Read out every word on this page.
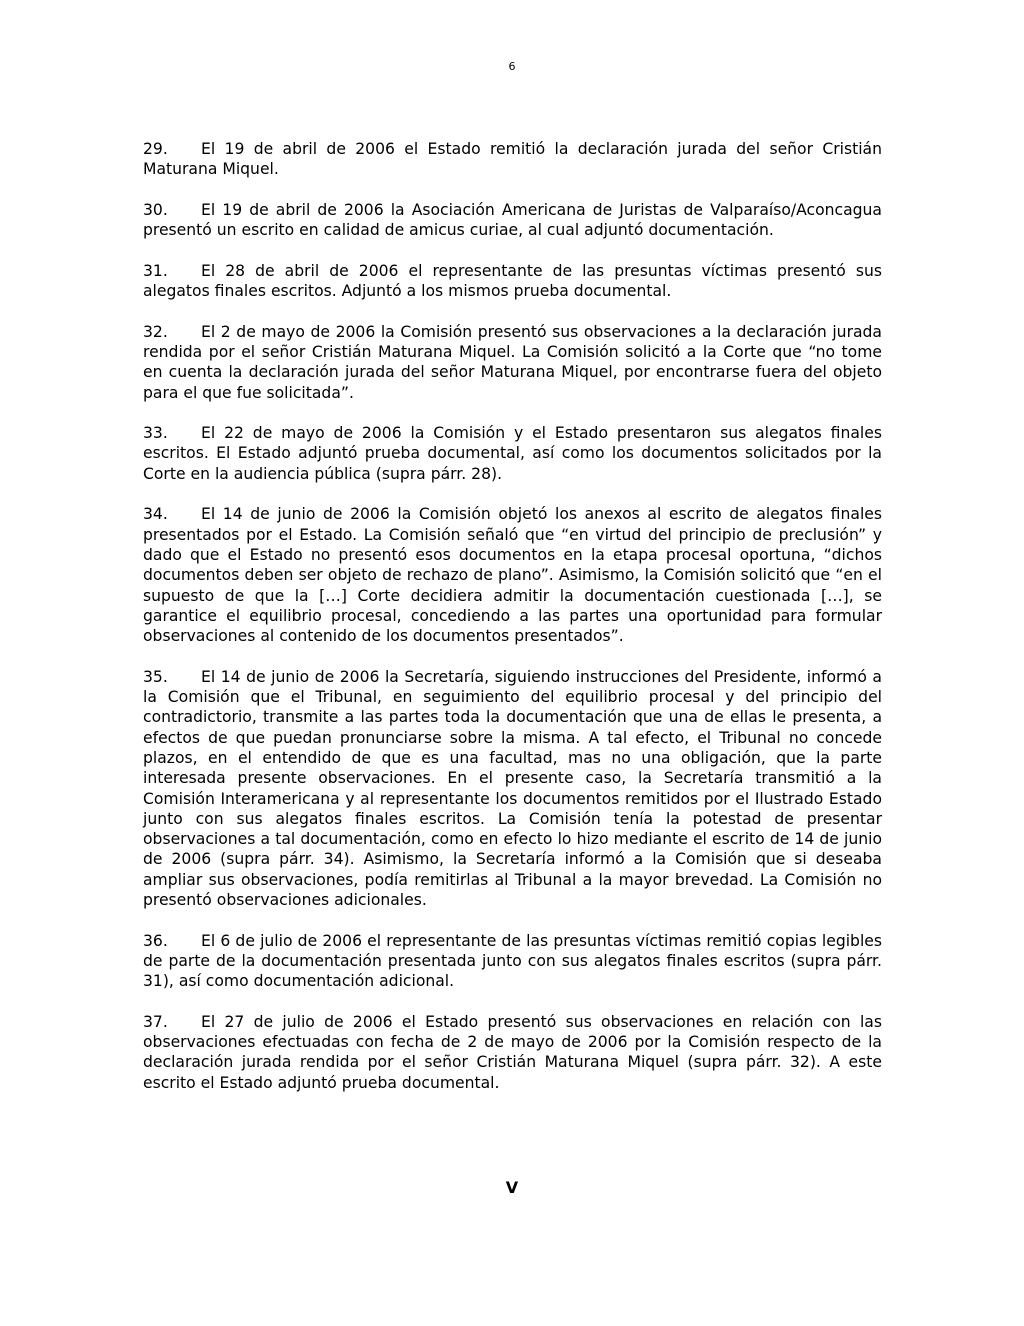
6

29. El 19 de abril de 2006 el Estado remitió la declaración jurada del señor Cristián Maturana Miquel.

30. El 19 de abril de 2006 la Asociación Americana de Juristas de Valparaíso/Aconcagua presentó un escrito en calidad de amicus curiae, al cual adjuntó documentación.

31. El 28 de abril de 2006 el representante de las presuntas víctimas presentó sus alegatos finales escritos. Adjuntó a los mismos prueba documental.

32. El 2 de mayo de 2006 la Comisión presentó sus observaciones a la declaración jurada rendida por el señor Cristián Maturana Miquel. La Comisión solicitó a la Corte que “no tome en cuenta la declaración jurada del señor Maturana Miquel, por encontrarse fuera del objeto para el que fue solicitada”.

33. El 22 de mayo de 2006 la Comisión y el Estado presentaron sus alegatos finales escritos. El Estado adjuntó prueba documental, así como los documentos solicitados por la Corte en la audiencia pública (supra párr. 28).

34. El 14 de junio de 2006 la Comisión objetó los anexos al escrito de alegatos finales presentados por el Estado. La Comisión señaló que “en virtud del principio de preclusión” y dado que el Estado no presentó esos documentos en la etapa procesal oportuna, “dichos documentos deben ser objeto de rechazo de plano”. Asimismo, la Comisión solicitó que “en el supuesto de que la […] Corte decidiera admitir la documentación cuestionada […], se garantice el equilibrio procesal, concediendo a las partes una oportunidad para formular observaciones al contenido de los documentos presentados”.

35. El 14 de junio de 2006 la Secretaría, siguiendo instrucciones del Presidente, informó a la Comisión que el Tribunal, en seguimiento del equilibrio procesal y del principio del contradictorio, transmite a las partes toda la documentación que una de ellas le presenta, a efectos de que puedan pronunciarse sobre la misma. A tal efecto, el Tribunal no concede plazos, en el entendido de que es una facultad, mas no una obligación, que la parte interesada presente observaciones. En el presente caso, la Secretaría transmitió a la Comisión Interamericana y al representante los documentos remitidos por el Ilustrado Estado junto con sus alegatos finales escritos. La Comisión tenía la potestad de presentar observaciones a tal documentación, como en efecto lo hizo mediante el escrito de 14 de junio de 2006 (supra párr. 34). Asimismo, la Secretaría informó a la Comisión que si deseaba ampliar sus observaciones, podía remitirlas al Tribunal a la mayor brevedad. La Comisión no presentó observaciones adicionales.

36. El 6 de julio de 2006 el representante de las presuntas víctimas remitió copias legibles de parte de la documentación presentada junto con sus alegatos finales escritos (supra párr. 31), así como documentación adicional.

37. El 27 de julio de 2006 el Estado presentó sus observaciones en relación con las observaciones efectuadas con fecha de 2 de mayo de 2006 por la Comisión respecto de la declaración jurada rendida por el señor Cristián Maturana Miquel (supra párr. 32). A este escrito el Estado adjuntó prueba documental.

V
